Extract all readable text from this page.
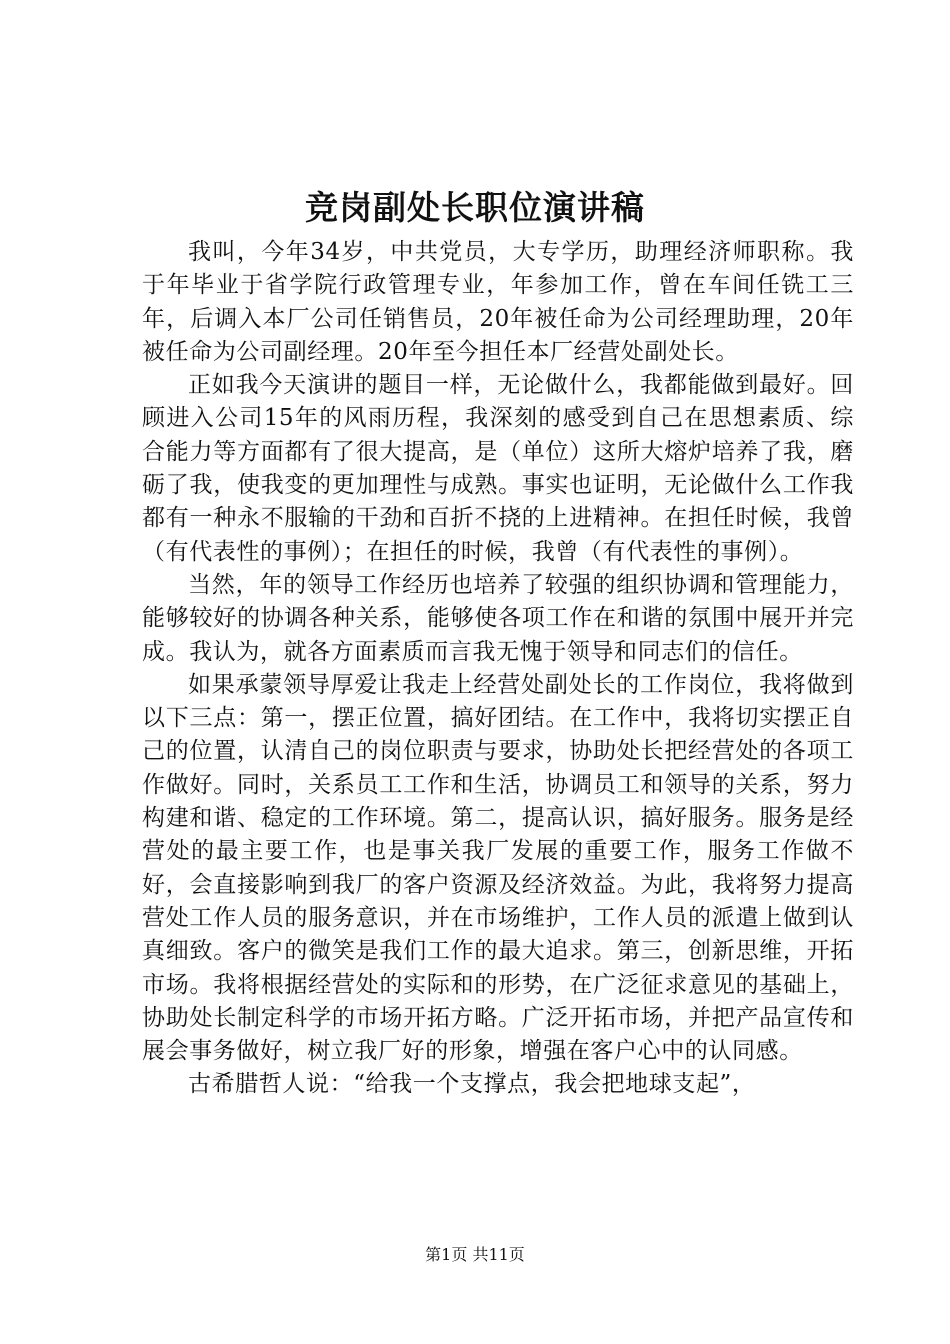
竞岗副处长职位演讲稿

我叫，今年34岁，中共党员，大专学历，助理经济师职称。我于年毕业于省学院行政管理专业，年参加工作，曾在车间任铣工三年，后调入本厂公司任销售员，20年被任命为公司经理助理，20年被任命为公司副经理。20年至今担任本厂经营处副处长。

正如我今天演讲的题目一样，无论做什么，我都能做到最好。回顾进入公司15年的风雨历程，我深刻的感受到自己在思想素质、综合能力等方面都有了很大提高，是（单位）这所大熔炉培养了我，磨砺了我，使我变的更加理性与成熟。事实也证明，无论做什么工作我都有一种永不服输的干劲和百折不挠的上进精神。在担任时候，我曾（有代表性的事例）；在担任的时候，我曾（有代表性的事例）。

当然，年的领导工作经历也培养了较强的组织协调和管理能力，能够较好的协调各种关系，能够使各项工作在和谐的氛围中展开并完成。我认为，就各方面素质而言我无愧于领导和同志们的信任。

如果承蒙领导厚爱让我走上经营处副处长的工作岗位，我将做到以下三点：第一，摆正位置，搞好团结。在工作中，我将切实摆正自己的位置，认清自己的岗位职责与要求，协助处长把经营处的各项工作做好。同时，关系员工工作和生活，协调员工和领导的关系，努力构建和谐、稳定的工作环境。第二，提高认识，搞好服务。服务是经营处的最主要工作，也是事关我厂发展的重要工作，服务工作做不好，会直接影响到我厂的客户资源及经济效益。为此，我将努力提高营处工作人员的服务意识，并在市场维护，工作人员的派遣上做到认真细致。客户的微笑是我们工作的最大追求。第三，创新思维，开拓市场。我将根据经营处的实际和的形势，在广泛征求意见的基础上，协助处长制定科学的市场开拓方略。广泛开拓市场，并把产品宣传和展会事务做好，树立我厂好的形象，增强在客户心中的认同感。

古希腊哲人说：“给我一个支撑点，我会把地球支起”，

第1页 共11页
